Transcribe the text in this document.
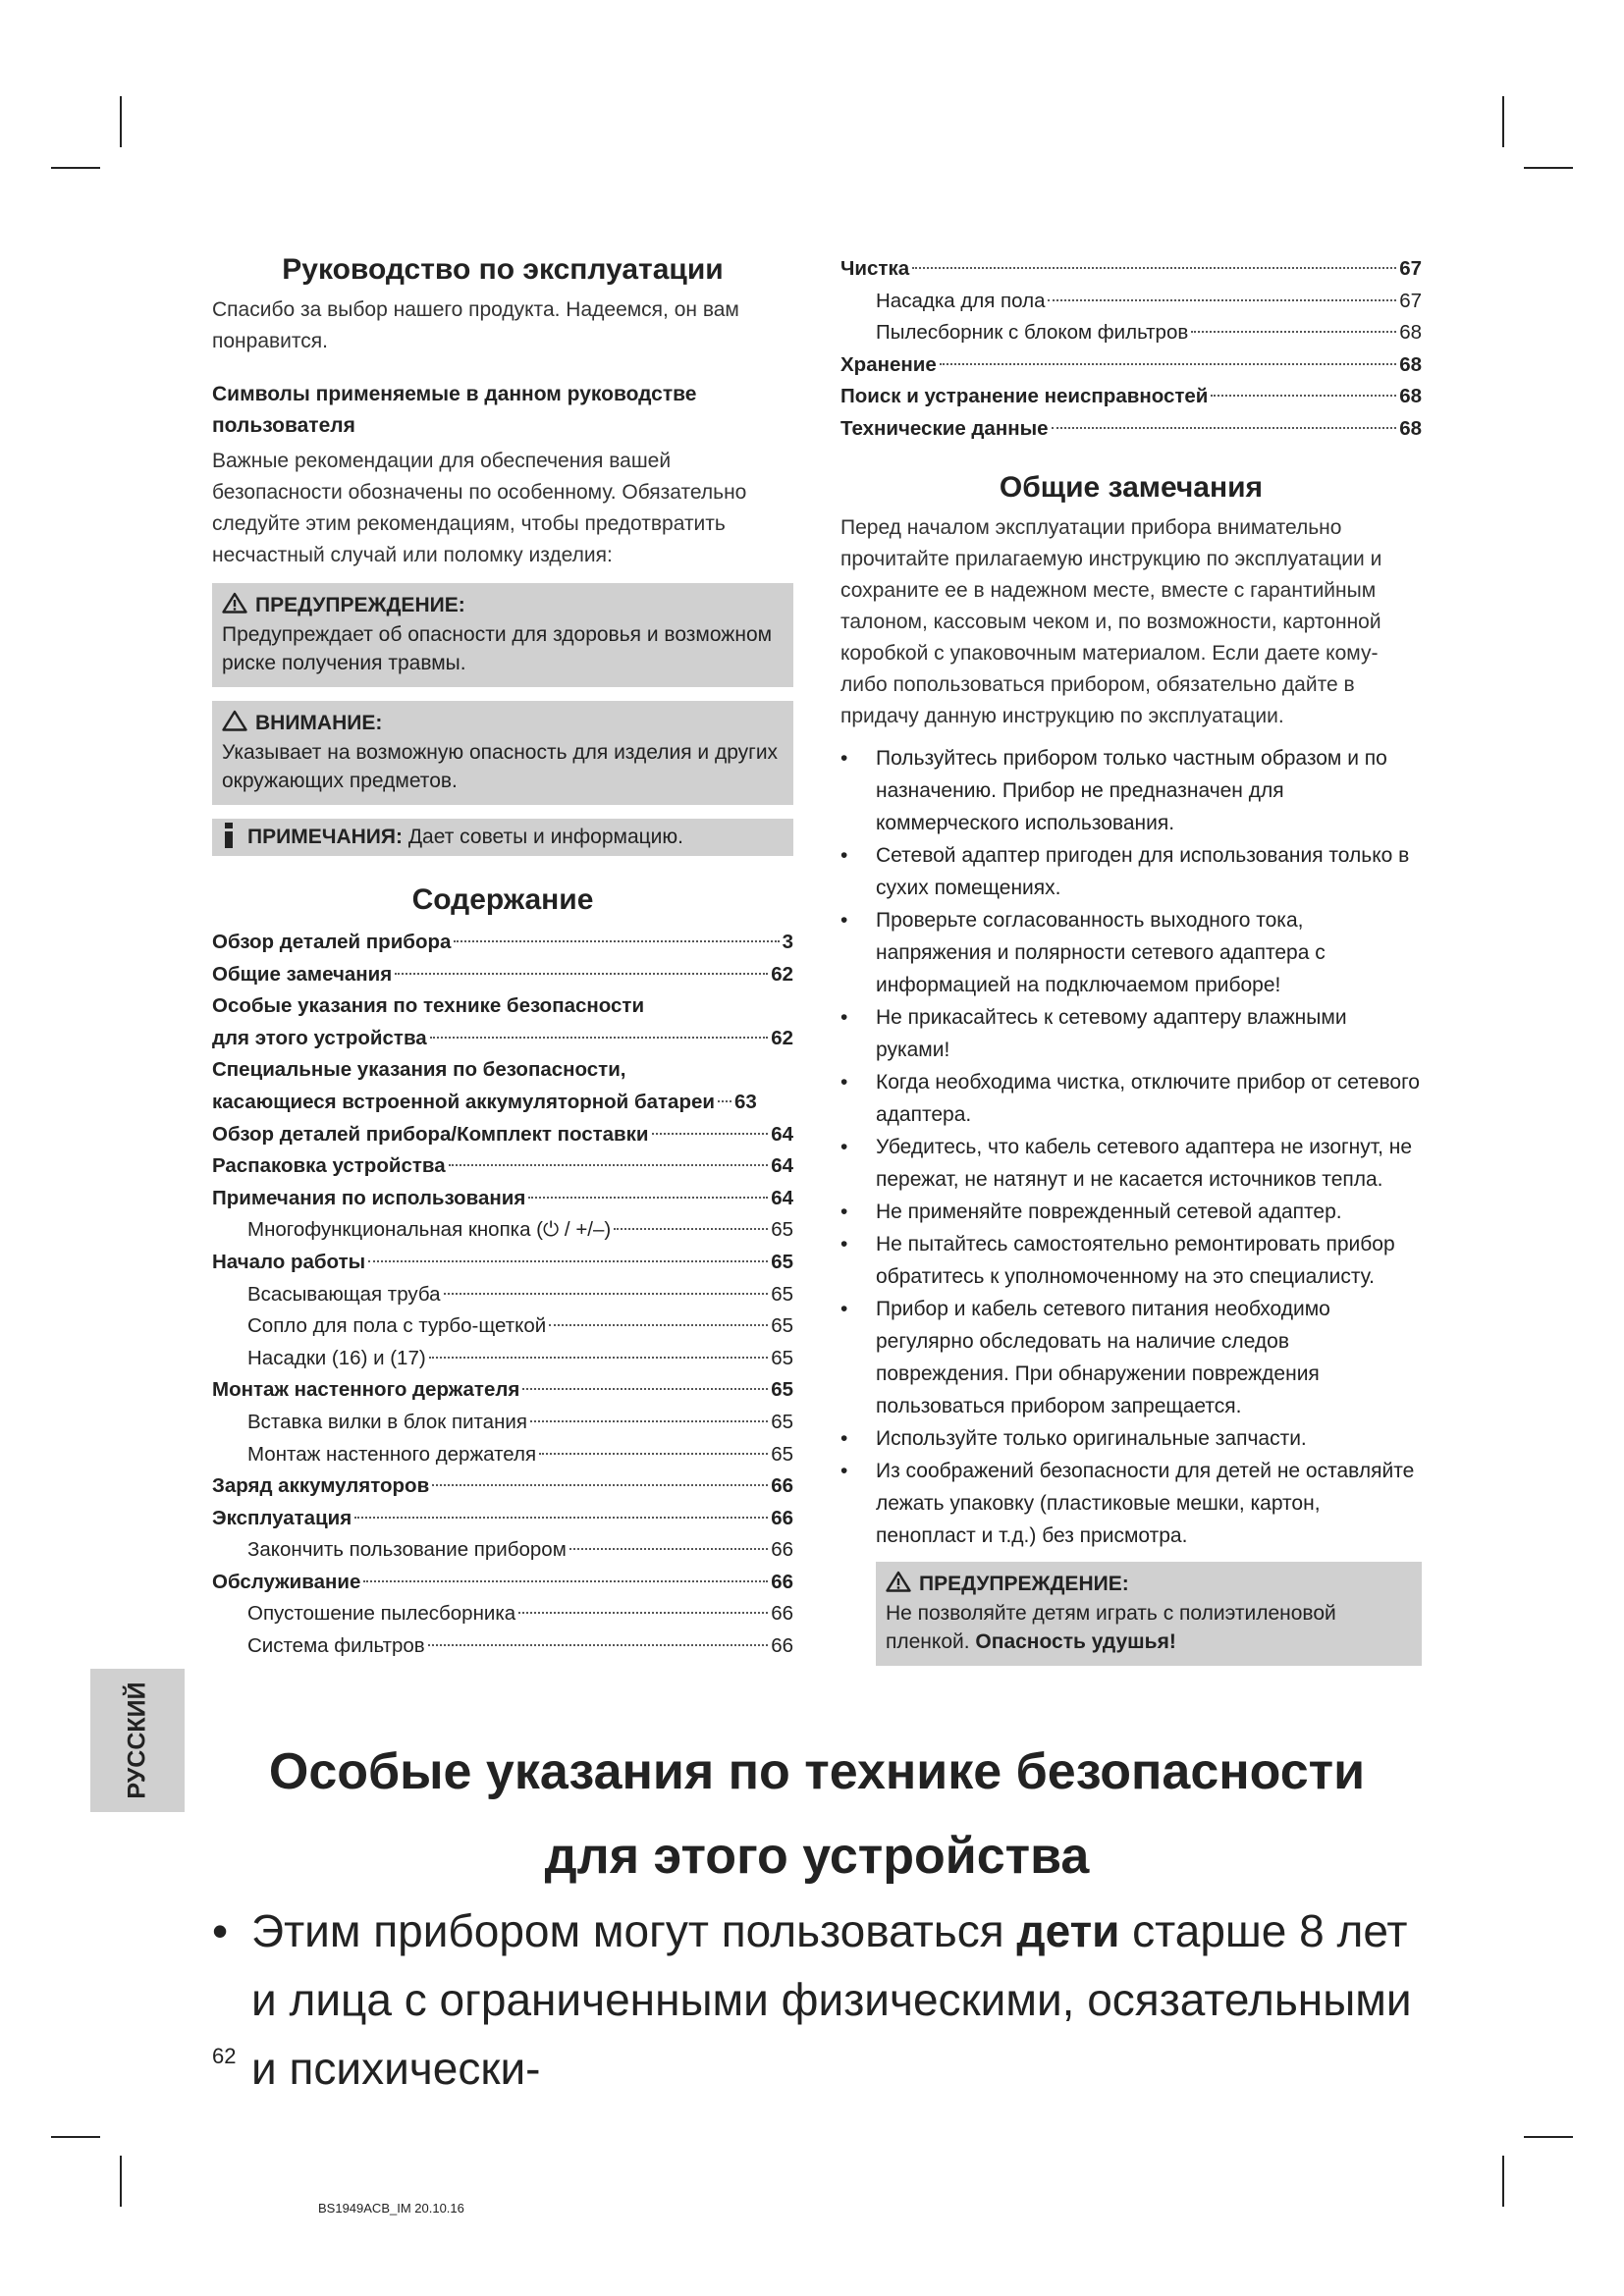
Руководство по эксплуатации

Спасибо за выбор нашего продукта. Надеемся, он вам понравится.

Символы применяемые в данном руководстве пользователя

Важные рекомендации для обеспечения вашей безопасности обозначены по особенному. Обязательно следуйте этим рекомендациям, чтобы предотвратить несчастный случай или поломку изделия:

ПРЕДУПРЕЖДЕНИЕ:
Предупреждает об опасности для здоровья и возможном риске получения травмы.
ВНИМАНИЕ:
Указывает на возможную опасность для изделия и других окружающих предметов.
ПРИМЕЧАНИЯ: Дает советы и информацию.
Содержание
Обзор деталей прибора	3
Общие замечания	62
Особые указания по технике безопасности
для этого устройства	62
Специальные указания по безопасности,
касающиеся встроенной аккумуляторной батареи 63
Обзор деталей прибора/Комплект поставки	64
Распаковка устройства	64
Примечания по использования	64
Многофункциональная кнопка (⏻ / +/–)	65
Начало работы	65
Всасывающая труба	65
Сопло для пола с турбо-щеткой	65
Насадки (16) и (17)	65
Монтаж настенного держателя	65
Вставка вилки в блок питания	65
Монтаж настенного держателя	65
Заряд аккумуляторов	66
Эксплуатация	66
Закончить пользование прибором	66
Обслуживание	66
Опустошение пылесборника	66
Система фильтров	66
Чистка	67
Насадка для пола	67
Пылесборник с блоком фильтров	68
Хранение	68
Поиск и устранение неисправностей	68
Технические данные	68
Общие замечания

Перед началом эксплуатации прибора внимательно прочитайте прилагаемую инструкцию по эксплуатации и сохраните ее в надежном месте, вместе с гарантийным талоном, кассовым чеком и, по возможности, картонной коробкой с упаковочным материалом. Если даете кому-либо попользоваться прибором, обязательно дайте в придачу данную инструкцию по эксплуатации.

•	Пользуйтесь прибором только частным образом и по назначению. Прибор не предназначен для коммерческого использования.
•	Сетевой адаптер пригоден для использования только в сухих помещениях.
•	Проверьте согласованность выходного тока, напряжения и полярности сетевого адаптера с информацией на подключаемом приборе!
•	Не прикасайтесь к сетевому адаптеру влажными руками!
•	Когда необходима чистка, отключите прибор от сетевого адаптера.
•	Убедитесь, что кабель сетевого адаптера не изогнут, не пережат, не натянут и не касается источников тепла.
•	Не применяйте поврежденный сетевой адаптер.
•	Не пытайтесь самостоятельно ремонтировать прибор обратитесь к уполномоченному на это специалисту.
•	Прибор и кабель сетевого питания необходимо регулярно обследовать на наличие следов повреждения. При обнаружении повреждения пользоваться прибором запрещается.
•	Используйте только оригинальные запчасти.
•	Из соображений безопасности для детей не оставляйте лежать упаковку (пластиковые мешки, картон, пенопласт и т.д.) без присмотра.
ПРЕДУПРЕЖДЕНИЕ:
Не позволяйте детям играть с полиэтиленовой пленкой. Опасность удушья!
РУССКИЙ	Особые указания по технике безопасности
для этого устройства
• Этим прибором могут пользоваться дети старше 8 лет и лица с ограниченными физическими, осязательными и психически-
62
BS1949ACB_IM 20.10.16
